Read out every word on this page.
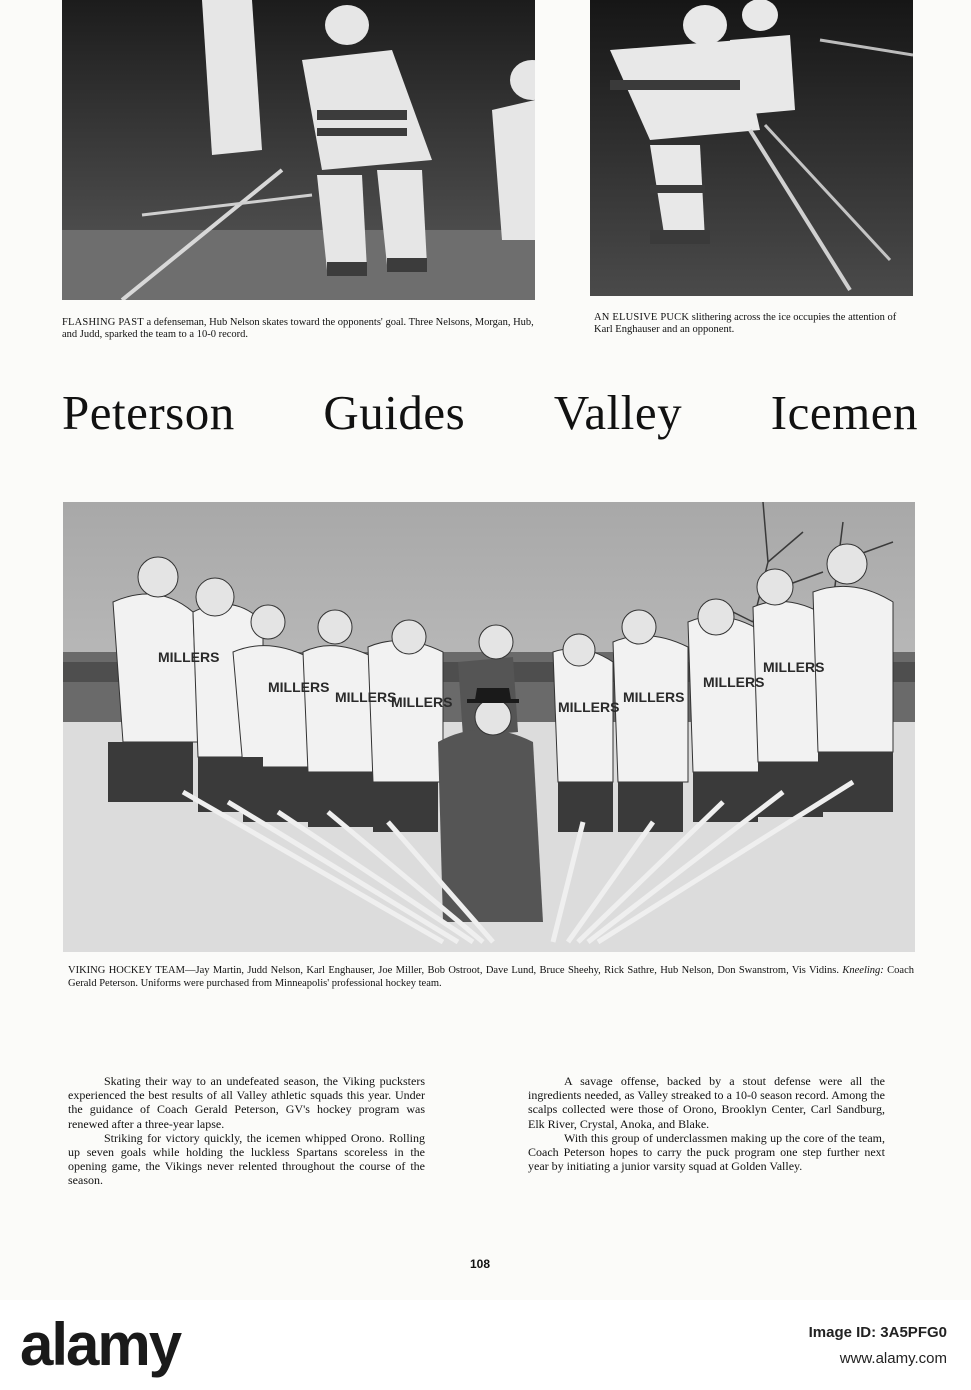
FLASHING PAST a defenseman, Hub Nelson skates toward the opponents' goal. Three Nelsons, Morgan, Hub, and Judd, sparked the team to a 10-0 record.
AN ELUSIVE PUCK slithering across the ice occupies the attention of Karl Enghauser and an opponent.
Peterson Guides Valley Icemen
MILLERS
MILLERS
MILLERS
MILLERS	MILLERS
MILLERS
MILLERS
MILLERS
VIKING HOCKEY TEAM—Jay Martin, Judd Nelson, Karl Enghauser, Joe Miller, Bob Ostroot, Dave Lund, Bruce Sheehy, Rick Sathre, Hub Nelson, Don Swanstrom, Vis Vidins. Kneeling: Coach Gerald Peterson. Uniforms were purchased from Minneapolis' professional hockey team.

Skating their way to an undefeated season, the Viking pucksters experienced the best results of all Valley athletic squads this year. Under the guidance of Coach Gerald Peterson, GV's hockey program was renewed after a three-year lapse.

Striking for victory quickly, the icemen whipped Orono. Rolling up seven goals while holding the luckless Spartans scoreless in the opening game, the Vikings never relented throughout the course of the season.

A savage offense, backed by a stout defense were all the ingredients needed, as Valley streaked to a 10-0 season record. Among the scalps collected were those of Orono, Brooklyn Center, Carl Sandburg, Elk River, Crystal, Anoka, and Blake.

With this group of underclassmen making up the core of the team, Coach Peterson hopes to carry the puck program one step further next year by initiating a junior varsity squad at Golden Valley.

108
alamy	Image ID: 3A5PFG0
www.alamy.com
